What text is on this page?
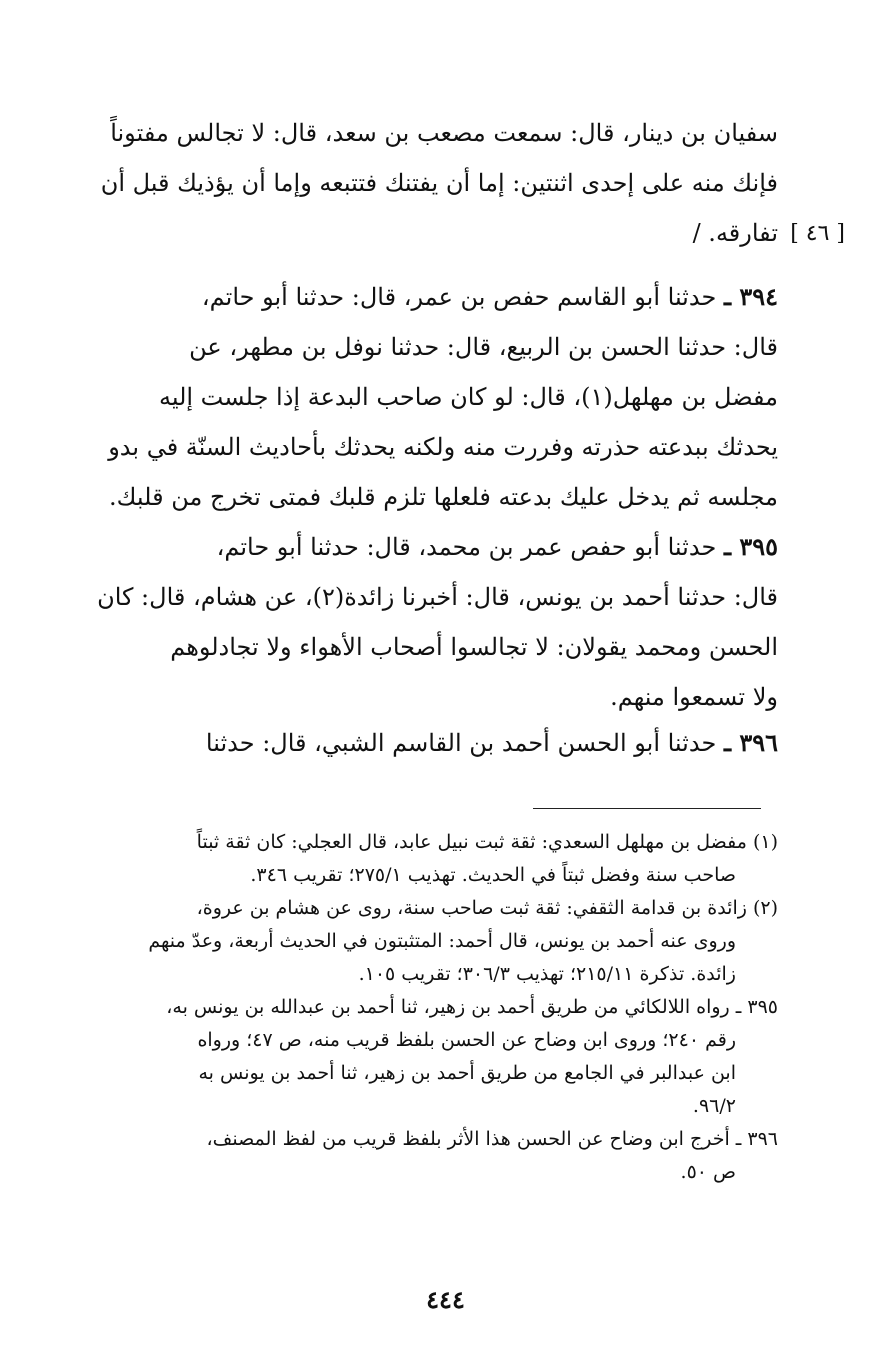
سفيان بن دينار، قال: سمعت مصعب بن سعد، قال: لا تجالس مفتوناً
فإنك منه على إحدى اثنتين: إما أن يفتنك فتتبعه وإما أن يؤذيك قبل أن
تفارقه. / [ ٤٦ ]
٣٩٤ ـ حدثنا أبو القاسم حفص بن عمر، قال: حدثنا أبو حاتم،
قال: حدثنا الحسن بن الربيع، قال: حدثنا نوفل بن مطهر، عن
مفضل بن مهلهل(١)، قال: لو كان صاحب البدعة إذا جلست إليه
يحدثك ببدعته حذرته وفررت منه ولكنه يحدثك بأحاديث السنّة في بدو
مجلسه ثم يدخل عليك بدعته فلعلها تلزم قلبك فمتى تخرج من قلبك.
٣٩٥ ـ حدثنا أبو حفص عمر بن محمد، قال: حدثنا أبو حاتم،
قال: حدثنا أحمد بن يونس، قال: أخبرنا زائدة(٢)، عن هشام، قال: كان
الحسن ومحمد يقولان: لا تجالسوا أصحاب الأهواء ولا تجادلوهم
ولا تسمعوا منهم.
٣٩٦ ـ حدثنا أبو الحسن أحمد بن القاسم الشبي، قال: حدثنا
(١) مفضل بن مهلهل السعدي: ثقة ثبت نبيل عابد، قال العجلي: كان ثقة ثبتاً
صاحب سنة وفضل ثبتاً في الحديث. تهذيب ٢٧٥/١؛ تقريب ٣٤٦.
(٢) زائدة بن قدامة الثقفي: ثقة ثبت صاحب سنة، روى عن هشام بن عروة،
وروى عنه أحمد بن يونس، قال أحمد: المتثبتون في الحديث أربعة، وعدّ منهم
زائدة. تذكرة ٢١٥/١١؛ تهذيب ٣٠٦/٣؛ تقريب ١٠٥.
٣٩٥ ـ رواه اللالكائي من طريق أحمد بن زهير، ثنا أحمد بن عبدالله بن يونس به،
رقم ٢٤٠؛ وروى ابن وضاح عن الحسن بلفظ قريب منه، ص ٤٧؛ ورواه
ابن عبدالبر في الجامع من طريق أحمد بن زهير، ثنا أحمد بن يونس به
٩٦/٢.
٣٩٦ ـ أخرج ابن وضاح عن الحسن هذا الأثر بلفظ قريب من لفظ المصنف،
ص ٥٠.
٤٤٤
